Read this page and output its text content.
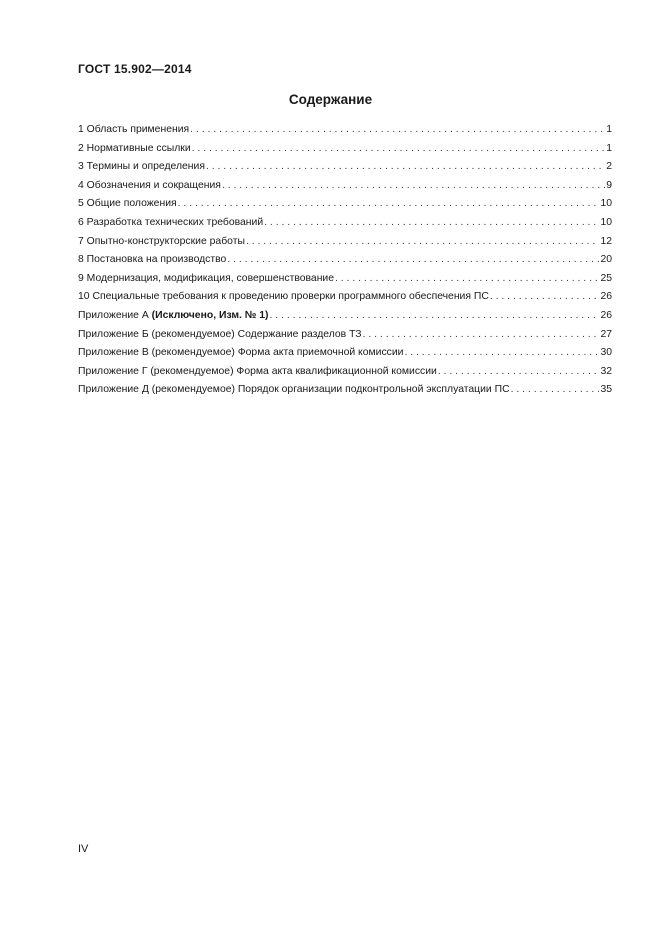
ГОСТ 15.902—2014
Содержание
1 Область применения . . .	1
2 Нормативные ссылки . . .	1
3 Термины и определения . . .	2
4 Обозначения и сокращения . . .	9
5 Общие положения . . .	10
6 Разработка технических требований . . .	10
7 Опытно-конструкторские работы . . .	12
8 Постановка на производство . . .	20
9 Модернизация, модификация, совершенствование . . .	25
10 Специальные требования к проведению проверки программного обеспечения ПС . . .	26
Приложение А (Исключено, Изм. № 1) . . .	26
Приложение Б (рекомендуемое) Содержание разделов ТЗ . . .	27
Приложение В (рекомендуемое) Форма акта приемочной комиссии . . .	30
Приложение Г (рекомендуемое) Форма акта квалификационной комиссии . . .	32
Приложение Д (рекомендуемое) Порядок организации подконтрольной эксплуатации ПС . . .	35
IV
